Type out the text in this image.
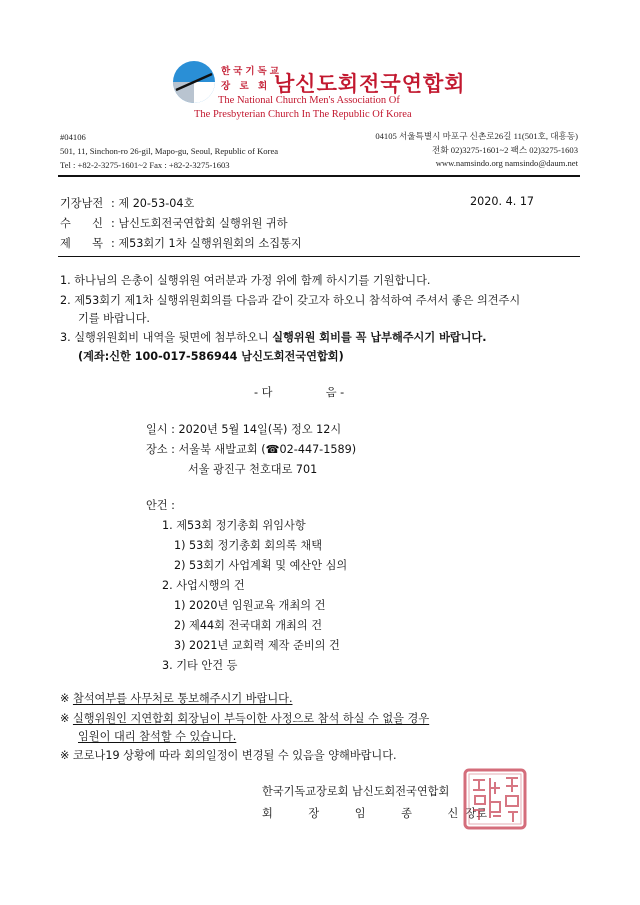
한국기독교
장 로 회 남신도회전국연합회
The National Church Men's Association Of
The Presbyterian Church In The Republic Of Korea
#04106
501, 11, Sinchon-ro 26-gil, Mapo-gu, Seoul, Republic of Korea
Tel : +82-2-3275-1601~2 Fax : +82-2-3275-1603
04105 서울특별시 마포구 신촌로26길 11(501호, 대흥동)
전화 02)3275-1601~2 팩스 02)3275-1603
www.namsindo.org namsindo@daum.net
기장남전 : 제 20-53-04호	2020. 4. 17
수      신 : 남신도회전국연합회 실행위원 귀하
제      목 : 제53회기 1차 실행위원회의 소집통지
1. 하나님의 은총이 실행위원 여러분과 가정 위에 함께 하시기를 기원합니다.
2. 제53회기 제1차 실행위원회의를 다음과 같이 갖고자 하오니 참석하여 주셔서 좋은 의견주시
기를 바랍니다.
3. 실행위원회비 내역을 뒷면에 첨부하오니 실행위원 회비를 꼭 납부해주시기 바랍니다.
(계좌:신한 100-017-586944 남신도회전국연합회)
- 다               음 -
일시 : 2020년 5월 14일(목) 정오 12시
장소 : 서울북 새발교회 (☎02-447-1589)
서울 광진구 천호대로 701
안건 :
1. 제53회 정기총회 위임사항
1) 53회 정기총회 회의록 채택
2) 53회기 사업계획 및 예산안 심의
2. 사업시행의 건
1) 2020년 임원교육 개최의 건
2) 제44회 전국대회 개최의 건
3) 2021년 교회력 제작 준비의 건
3. 기타 안건 등
※ 참석여부를 사무처로 통보해주시기 바랍니다.
※ 실행위원인 지연합회 회장님이 부득이한 사정으로 참석 하실 수 없을 경우
임원이 대리 참석할 수 있습니다.
※ 코로나19 상황에 따라 회의일정이 변경될 수 있음을 양해바랍니다.
한국기독교장로회 남신도회전국연합회
회          장          임          종          신  장로
